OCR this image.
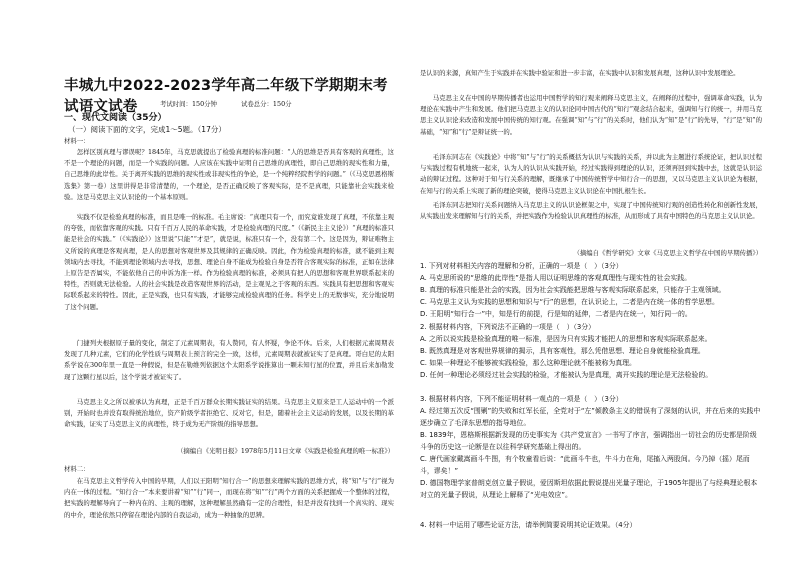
丰城九中2022-2023学年高二年级下学期期末考试语文试卷	考试时间：150分钟	试卷总分：150分
一、现代文阅读（35分）
（一）阅读下面的文字，完成1～5题。（17分）
材料一：

怎样区别真理与谬误呢？1845年，马克思就提出了检验真理的标准问题：“人的思维是否具有客观的真理性，这不是一个理论的问题，而是一个实践的问题。人应该在实践中证明自己思维的真理性，即自己思维的现实性和力量，自己思维的此岸性。关于离开实践的思维的现实性或非现实性的争论，是一个纯粹经院哲学的问题。”（《马克思恩格斯选集》第一卷）这里讲得是非常清楚的，一个理论，是否正确反映了客观实际，是不是真理，只能靠社会实践来检验。这是马克思主义认识论的一个基本原则。

实践不仅是检验真理的标准，而且是唯一的标准。毛主席说：“真理只有一个，而究竟谁发现了真理，不依靠主观的夸张，而依靠客观的实践。只有千百万人民的革命实践，才是检验真理的尺度。”（《新民主主义论》）“真理的标准只能是社会的实践。”（《实践论》）这里说“只能”“才是”，就是说，标准只有一个，没有第二个。这是因为，辩证唯物主义所说的真理是客观真理，是人的思想对客观世界及其规律的正确反映。因此，作为检验真理的标准，就不能到主观领域内去寻找，不能到理论领域内去寻找，思想、理论自身不能成为检验自身是否符合客观实际的标准，正如在法律上原告是否属实，不能依他自己的申诉为准一样。作为检验真理的标准，必须具有把人的思想和客观世界联系起来的特性，否则就无法检验。人的社会实践是改造客观世界的活动，是主观见之于客观的东西。实践具有把思想和客观实际联系起来的特性。因此，正是实践，也只有实践，才能够完成检验真理的任务。科学史上的无数事实，充分地说明了这个问题。

门捷列夫根据原子量的变化，制定了元素周期表，有人赞同，有人怀疑，争论不休。后来，人们根据元素周期表发现了几种元素，它们的化学性质与周期表上预言的完全一致，这样，元素周期表就被证实了是真理。哥白尼的太阳系学说在300年里一直是一种假说，但是在勒维列依据这个太阳系学说推算出一颗未知行星的位置，并且后来加勒发现了这颗行星以后，这个学说才被证实了。

马克思主义之所以被承认为真理，正是千百万群众长期实践证实的结果。马克思主义原来是工人运动中的一个派别，开始时也并没有取得统治地位，资产阶级学者拒绝它、反对它，但是，随着社会主义运动的发展，以及长期的革命实践，证实了马克思主义的真理性，终于成为无产阶级的指导思想。

（摘编自《光明日报》1978年5月11日文章《实践是检验真理的唯一标准》）

材料二：

在马克思主义哲学传入中国的早期，人们以王阳明“知行合一”的思想来理解实践的思维方式，将“知”与“行”视为内在一体的过程。“知行合一”本来要讲着“知”“行”同一，而现在将“知”“行”两个方面的关系把握成一个整体的过程，把实践的理解导向了一种内在的、主观的理解，这种理解虽然确有一定的合理性，但是并没有找到一个真实的、现实的中介，理论依然只停留在理论内部的自我运动，成为一种抽象的思辨。

是认识的来源，真知产生于实践并在实践中验证和进一步丰富，在实践中认识和发展真理，这种认识中发展理论。

马克思主义在中国的早期传播者也运用中国哲学的知行观来阐释马克思主义，在阐释的过程中，强调革命实践，认为理论在实践中产生和发展。他们把马克思主义的认识论同中国古代的“知行”观念结合起来，强调知与行的统一，并用马克思主义认识论来改造和发展中国传统的知行观。在强调“知”与“行”的关系时，他们认为“知”是“行”的先导，“行”是“知”的基础，“知”和“行”是辩证统一的。

毛泽东同志在《实践论》中将“知”与“行”的关系概括为认识与实践的关系，并以此为主题进行系统论证，把认识过程与实践过程有机地统一起来，认为人的认识从实践开始，经过实践得到理论的认识，还须再回到实践中去，这就是认识运动的辩证过程。这种对于知与行关系的理解，既继承了中国传统哲学中知行合一的思想，又以马克思主义认识论为根据，在知与行的关系上实现了新的理论突破，使得马克思主义认识论在中国扎根生长。

毛泽东同志把知行关系问题纳入马克思主义的认识论框架之中，实现了中国传统知行观的创造性转化和创新性发展，从实践出发来理解知与行的关系，并把实践作为检验认识真理性的标准，从而形成了具有中国特色的马克思主义认识论。

（摘编自《哲学研究》文章《马克思主义哲学在中国的早期传播》）

1. 下列对材料相关内容的理解和分析，正确的一项是（　）（3分）
A. 马克思所说的“思维的此岸性”是指人用以证明思维的客观真理性与现实性的社会实践。
B. 真理的标准只能是社会的实践，因为社会实践能把思维与客观实际联系起来，只能存于主观领域。
C. 马克思主义认为实践的思想和知识与“行”的思想，在认识论上，二者是内在统一体的哲学思想。
D. 王阳明“知行合一”中，知是行的前提，行是知的延伸，二者是内在统一，知行同一的。
2. 根据材料内容，下列说法不正确的一项是（　）（3分）
A. 之所以说实践是检验真理的唯一标准，是因为只有实践才能把人的思想和客观实际联系起来。
B. 既然真理是对客观世界规律的揭示，具有客观性，那么凭借思想、理论自身就能检验真理。
C. 如果一种理论不能够被实践检验，那么这种理论就不能被称为真理。
D. 任何一种理论必须经过社会实践的检验，才能被认为是真理，离开实践的理论是无法检验的。
3. 根据材料内容，下列不能证明材料一观点的一项是（　）（3分）
A. 经过第五次反“围剿”的失败和红军长征，全党对于“左”倾教条主义的错误有了深刻的认识，并在后来的实践中逐步确立了毛泽东思想的指导地位。
B. 1839年，恩格斯根据新发现的历史事实为《共产党宣言》一书写了序言，强调指出一切社会的历史都是阶级斗争的历史这一论断是在以往科学研究基础上得出的。
C. 唐代画家戴嵩画斗牛图，有个牧童看后说：“此画斗牛也，牛斗力在角，尾搐入两股间。今乃掉（摇）尾而斗，谬矣！”
D. 德国物理学家普朗克创立量子假说，爱因斯坦依据此假说提出光量子理论，于1905年提出了与经典理论根本对立的光量子假说，从理论上解释了“光电效应”。
4. 材料一中运用了哪些论证方法，请举例简要说明其论证效果。（4分）
